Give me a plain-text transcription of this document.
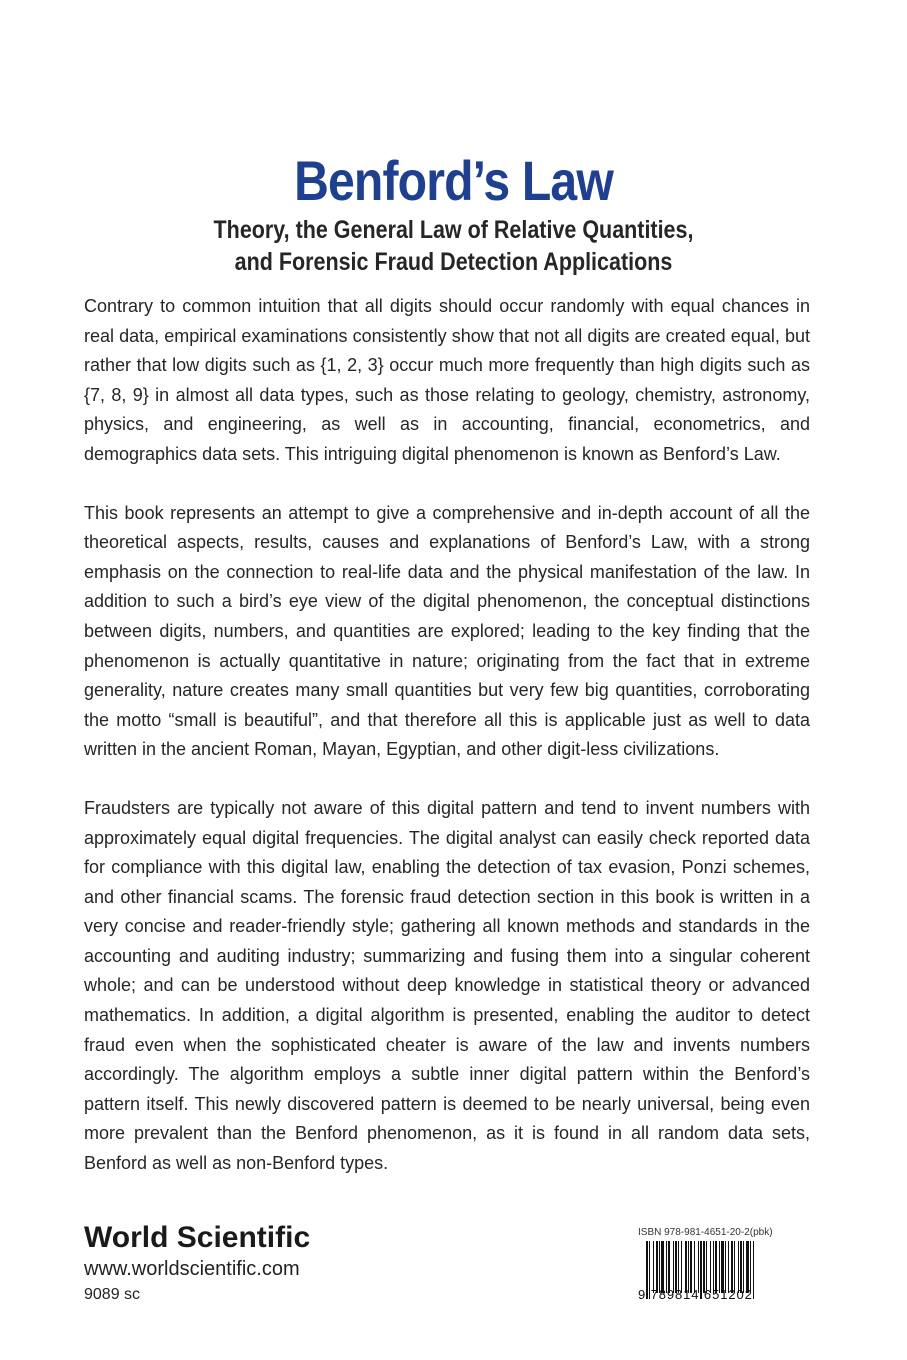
Benford’s Law
Theory, the General Law of Relative Quantities,
and Forensic Fraud Detection Applications

Contrary to common intuition that all digits should occur randomly with equal chances in real data, empirical examinations consistently show that not all digits are created equal, but rather that low digits such as {1, 2, 3} occur much more frequently than high digits such as {7, 8, 9} in almost all data types, such as those relating to geology, chemistry, astronomy, physics, and engineering, as well as in accounting, financial, econometrics, and demographics data sets. This intriguing digital phenomenon is known as Benford’s Law.

This book represents an attempt to give a comprehensive and in-depth account of all the theoretical aspects, results, causes and explanations of Benford’s Law, with a strong emphasis on the connection to real-life data and the physical manifestation of the law. In addition to such a bird’s eye view of the digital phenomenon, the conceptual distinctions between digits, numbers, and quantities are explored; leading to the key finding that the phenomenon is actually quantitative in nature; originating from the fact that in extreme generality, nature creates many small quantities but very few big quantities, corroborating the motto “small is beautiful”, and that therefore all this is applicable just as well to data written in the ancient Roman, Mayan, Egyptian, and other digit-less civilizations.

Fraudsters are typically not aware of this digital pattern and tend to invent numbers with approximately equal digital frequencies. The digital analyst can easily check reported data for compliance with this digital law, enabling the detection of tax evasion, Ponzi schemes, and other financial scams. The forensic fraud detection section in this book is written in a very concise and reader-friendly style; gathering all known methods and standards in the accounting and auditing industry; summarizing and fusing them into a singular coherent whole; and can be understood without deep knowledge in statistical theory or advanced mathematics. In addition, a digital algorithm is presented, enabling the auditor to detect fraud even when the sophisticated cheater is aware of the law and invents numbers accordingly. The algorithm employs a subtle inner digital pattern within the Benford’s pattern itself. This newly discovered pattern is deemed to be nearly universal, being even more prevalent than the Benford phenomenon, as it is found in all random data sets, Benford as well as non-Benford types.

World Scientific
www.worldscientific.com
9089 sc
ISBN 978-981-4651-20-2(pbk)
9 789814 651202
